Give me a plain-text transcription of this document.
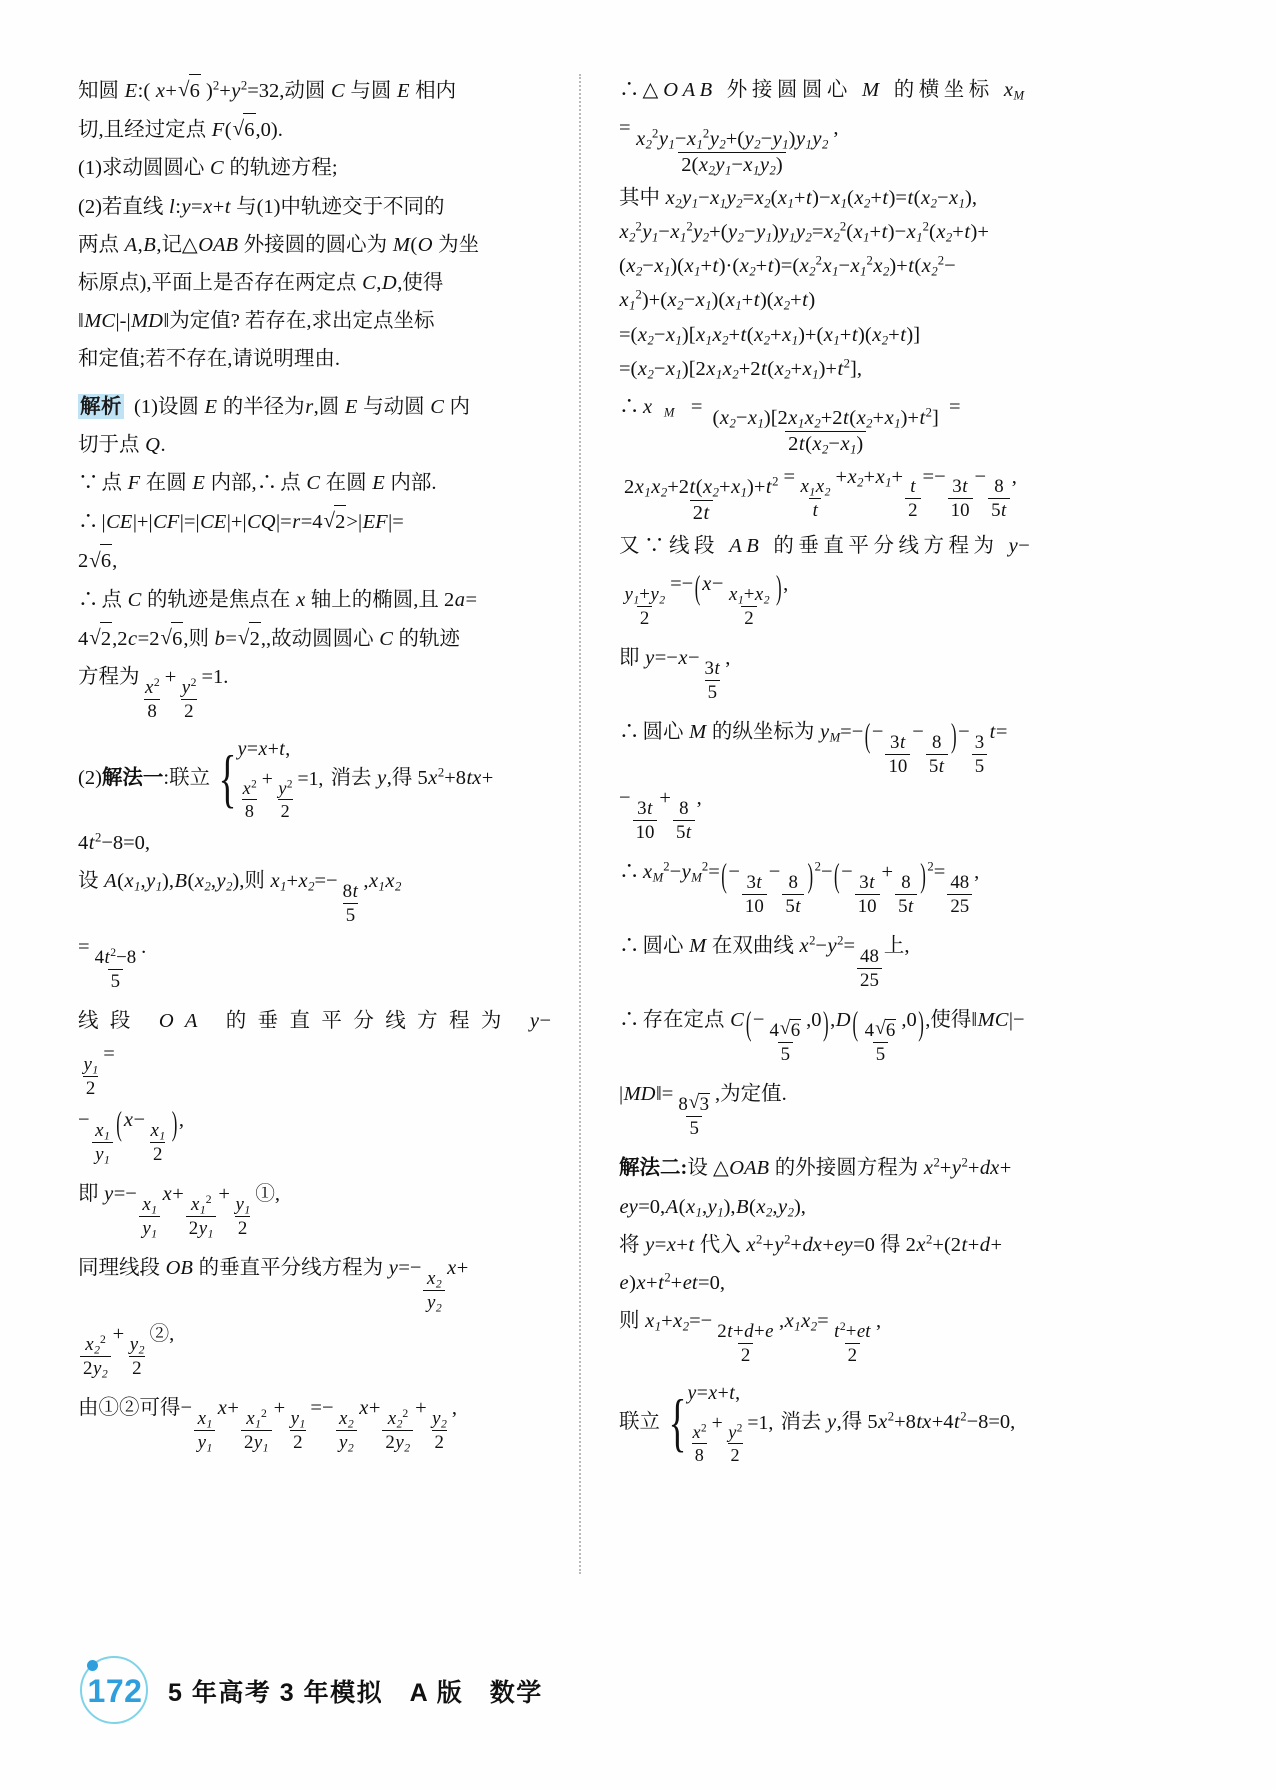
知圆 E:( x+ √ 6 )$^2+y^2=32$,动圆 C 与圆 E 相内
切,且经过定点 F( √ 6,0).
(1)求动圆圆心 C 的轨迹方程;
(2)若直线 l:y=x+t 与(1)中轨迹交于不同的
两点 A,B,记△OAB 外接圆的圆心为 M(O 为坐
标原点),平面上是否存在两定点 C,D,使得
‖MC|-|MD‖为定值? 若存在,求出定点坐标
和定值;若不存在,请说明理由.
解析 (1)设圆 E 的半径为r,圆 E 与动圆 C 内
切于点 Q.
∵ 点 F 在圆 E 内部,∴ 点 C 在圆 E 内部.
∴ |CE|+|CF|=|CE|+|CQ|=r=4 √ 2>|EF|=
2 √ 6,
∴ 点 C 的轨迹是焦点在 x 轴上的椭圆,且 2a=
4 √ 2,2c=2 √ 6,则 b= √ 2,,故动圆圆心 C 的轨迹
方程为 $\frac{x^2}{8} + \frac{y^2}{2} =1$.
(2) 解法一 :联立 { y=x+t,
$\frac{x^2}{8} + \frac{y^2}{2} =1$, 消去 y,得 $5x^2+8tx+$
$4t^2-8=0$,
设 $A(x_1,y_1),B(x_2,y_2)$,则 $x_1+x_2=- \frac{8t}{5} ,x_1x_2$
= $\frac{4t^2-8}{5}$ .
线段 OA 的垂直平分线方程为 y−
$\frac{y_1}{2}$ =
− $\frac{x_1}{y_1} (x- \frac{x_1}{2}$ ),
即 $y=- \frac{x_1}{y_1} x+ \frac{x_1^2}{2y_1} + \frac{y_1}{2}$ ①,
同理线段 OB 的垂直平分线方程为 $y=- \frac{x_2}{y_2} x+$
$\frac{x_2^2}{2y_2} + \frac{y_2}{2}$ ②,
由①②可得− $\frac{x_1}{y_1} x+ \frac{x_1^2}{2y_1} + \frac{y_1}{2} =- \frac{x_2}{y_2} x+ \frac{x_2^2}{2y_2} + \frac{y_2}{2}$ ,
∴ △OAB 外接圆圆心 M 的横坐标 $x_M$
= $\frac{x_2^2y_1-x_1^2y_2+(y_2-y_1)y_1y_2}{2(x_2y_1-x_1y_2)}$ ,
其中 $x_2y_1-x_1y_2=x_2(x_1+t)-x_1(x_2+t)=t(x_2-x_1)$,
$x_2^2y_1-x_1^2y_2+(y_2-y_1)y_1y_2=x_2^2(x_1+t)-x_1^2(x_2+t)+$
$(x_2-x_1)(x_1+t)\cdot(x_2+t)=(x_2^2x_1-x_1^2x_2)+t(x_2^2-$
$x_1^2)+(x_2-x_1)(x_1+t)(x_2+t)$
$=(x_2-x_1)[x_1x_2+t(x_2+x_1)+(x_1+t)(x_2+t)]$
$=(x_2-x_1)[2x_1x_2+2t(x_2+x_1)+t^2]$,
∴ $x_M = \frac{(x_2-x_1)[2x_1x_2+2t(x_2+x_1)+t^2]}{2t(x_2-x_1)}$ =
$\frac{2x_1x_2+2t(x_2+x_1)+t^2}{2t} = \frac{x_1x_2}{t} +x_2+x_1+ \frac{t}{2} =- \frac{3t}{10} - \frac{8}{5t}$ ,
又∵线段 AB 的垂直平分线方程为 y−
$\frac{y_1+y_2}{2} =-(x- \frac{x_1+x_2}{2}$ ),
即 $y=-x- \frac{3t}{5}$ ,
∴ 圆心 M 的纵坐标为 $y_M=-(- \frac{3t}{10} - \frac{8}{5t}$ )− $\frac{3}{5} t=$
− $\frac{3t}{10} + \frac{8}{5t}$ ,
∴ $x_M^2-y_M^2=(- \frac{3t}{10} - \frac{8}{5t}$ ) $^2-(- \frac{3t}{10} + \frac{8}{5t}$ ) $^2= \frac{48}{25}$ ,
∴ 圆心 M 在双曲线 $x^2-y^2= \frac{48}{25}$ 上,
∴ 存在定点 C (− $\frac{4 √ 6}{5} ,0),D$ ( $\frac{4 √ 6}{5} ,0$),使得‖MC|−
|MD‖= $\frac{8 √ 3}{5}$ ,为定值.
解法二:设 △OAB 的外接圆方程为 $x^2+y^2+dx+$
$ey=0,A(x_1,y_1),B(x_2,y_2)$,
将 y=x+t 代入 $x^2+y^2+dx+ey=0$ 得 $2x^2+(2t+d+$
$e)x+t^2+et=0$,
则 $x_1+x_2=- \frac{2t+d+e}{2} ,x_1x_2= \frac{t^2+et}{2}$ ,
联立 { y=x+t,
$\frac{x^2}{8} + \frac{y^2}{2} =1$, 消去 y,得 $5x^2+8tx+4t^2-8=0$,
172	5 年高考 3 年模拟　A 版　数学
